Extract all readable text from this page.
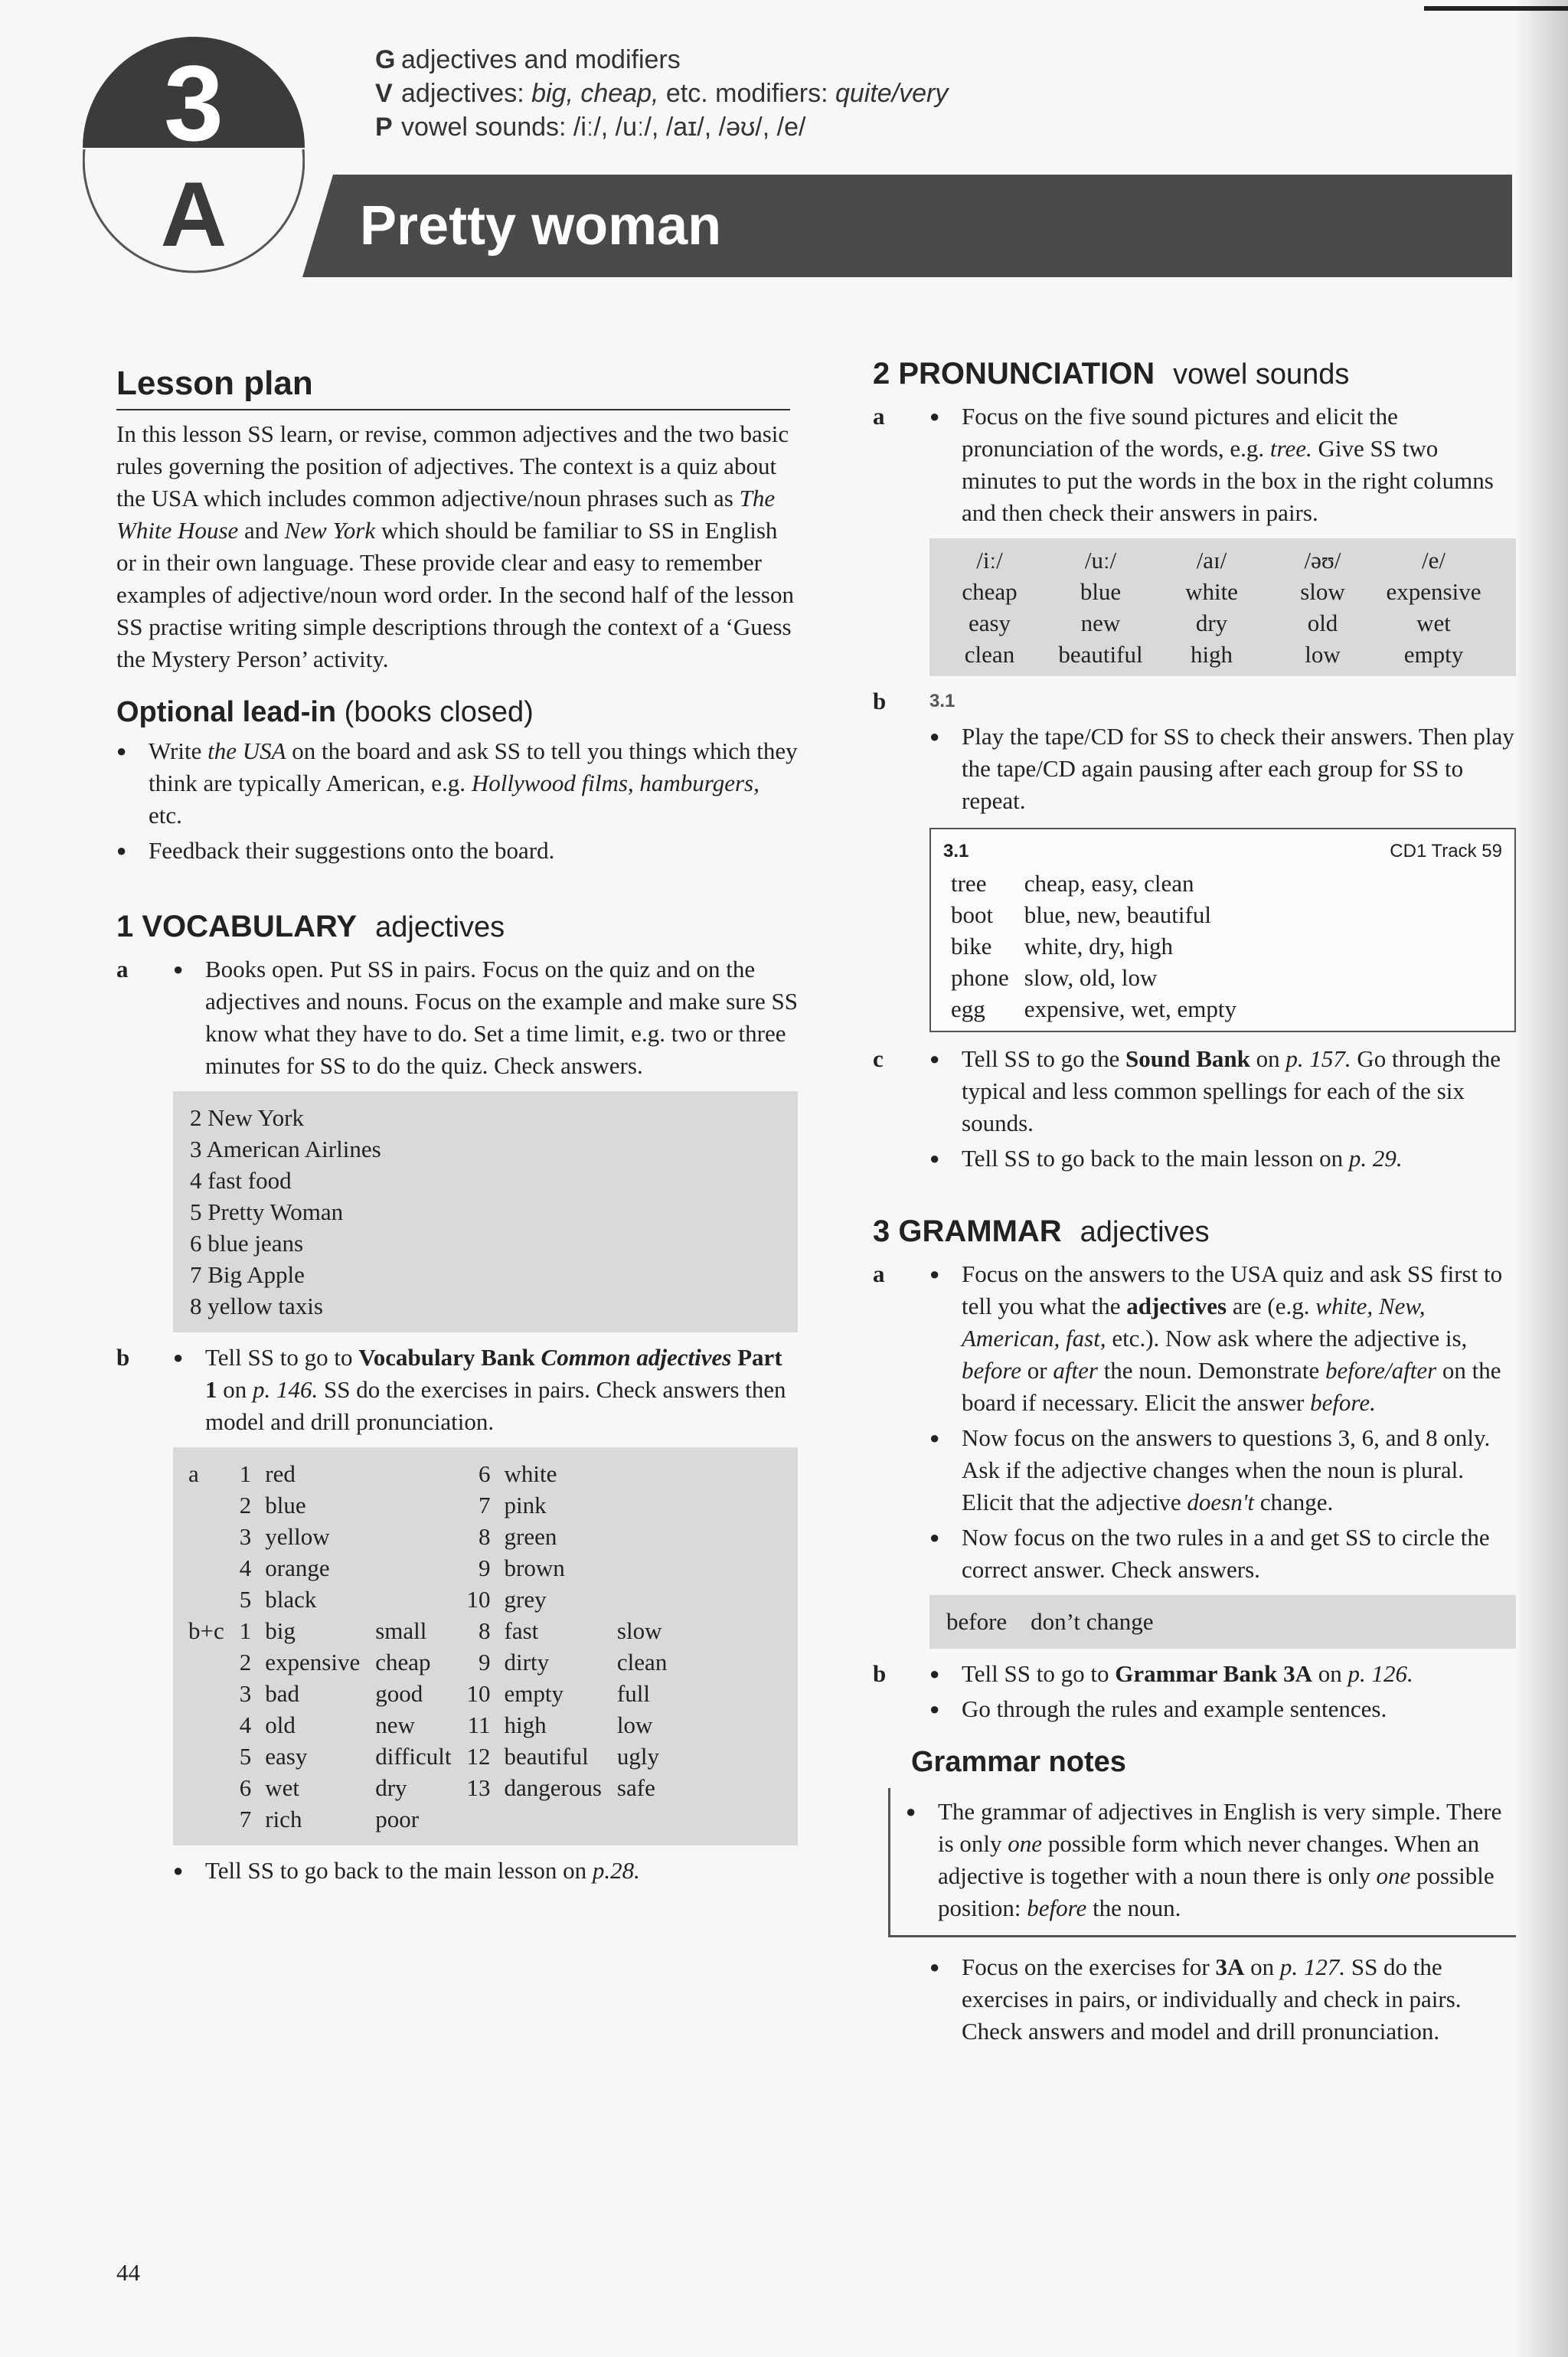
3
A
G adjectives and modifiers
V adjectives: big, cheap, etc. modifiers: quite/very
P vowel sounds: /iː/, /uː/, /aɪ/, /əʊ/, /e/
Pretty woman
Lesson plan

In this lesson SS learn, or revise, common adjectives and the two basic rules governing the position of adjectives. The context is a quiz about the USA which includes common adjective/noun phrases such as The White House and New York which should be familiar to SS in English or in their own language. These provide clear and easy to remember examples of adjective/noun word order. In the second half of the lesson SS practise writing simple descriptions through the context of a ‘Guess the Mystery Person’ activity.

Optional lead-in (books closed)
● Write the USA on the board and ask SS to tell you things which they think are typically American, e.g. Hollywood films, hamburgers, etc.
● Feedback their suggestions onto the board.
1 VOCABULARY adjectives
a	● Books open. Put SS in pairs. Focus on the quiz and on the adjectives and nouns. Focus on the example and make sure SS know what they have to do. Set a time limit, e.g. two or three minutes for SS to do the quiz. Check answers.
2 New York
3 American Airlines
4 fast food
5 Pretty Woman
6 blue jeans
7 Big Apple
8 yellow taxis
b	● Tell SS to go to Vocabulary Bank Common adjectives Part 1 on p. 146. SS do the exercises in pairs. Check answers then model and drill pronunciation.
a	1	red		6	white	
	2	blue		7	pink	
	3	yellow		8	green	
	4	orange		9	brown	
	5	black		10	grey	
b+c	1	big	small	8	fast	slow
	2	expensive	cheap	9	dirty	clean
	3	bad	good	10	empty	full
	4	old	new	11	high	low
	5	easy	difficult	12	beautiful	ugly
	6	wet	dry	13	dangerous	safe
	7	rich	poor			
● Tell SS to go back to the main lesson on p.28.
44
2 PRONUNCIATION vowel sounds
a	● Focus on the five sound pictures and elicit the pronunciation of the words, e.g. tree. Give SS two minutes to put the words in the box in the right columns and then check their answers in pairs.
/iː/	/uː/	/aɪ/	/əʊ/	/e/
cheap	blue	white	slow	expensive
easy	new	dry	old	wet
clean	beautiful	high	low	empty
b 3.1
● Play the tape/CD for SS to check their answers. Then play the tape/CD again pausing after each group for SS to repeat.
3.1	CD1 Track 59
tree	cheap, easy, clean
boot	blue, new, beautiful
bike	white, dry, high
phone	slow, old, low
egg	expensive, wet, empty
c	● Tell SS to go the Sound Bank on p. 157. Go through the typical and less common spellings for each of the six sounds.
● Tell SS to go back to the main lesson on p. 29.
3 GRAMMAR adjectives
a	● Focus on the answers to the USA quiz and ask SS first to tell you what the adjectives are (e.g. white, New, American, fast, etc.). Now ask where the adjective is, before or after the noun. Demonstrate before/after on the board if necessary. Elicit the answer before.
● Now focus on the answers to questions 3, 6, and 8 only. Ask if the adjective changes when the noun is plural. Elicit that the adjective doesn't change.
● Now focus on the two rules in a and get SS to circle the correct answer. Check answers.
before    don’t change
b	● Tell SS to go to Grammar Bank 3A on p. 126.
● Go through the rules and example sentences.
Grammar notes
● The grammar of adjectives in English is very simple. There is only one possible form which never changes. When an adjective is together with a noun there is only one possible position: before the noun.
● Focus on the exercises for 3A on p. 127. SS do the exercises in pairs, or individually and check in pairs. Check answers and model and drill pronunciation.
